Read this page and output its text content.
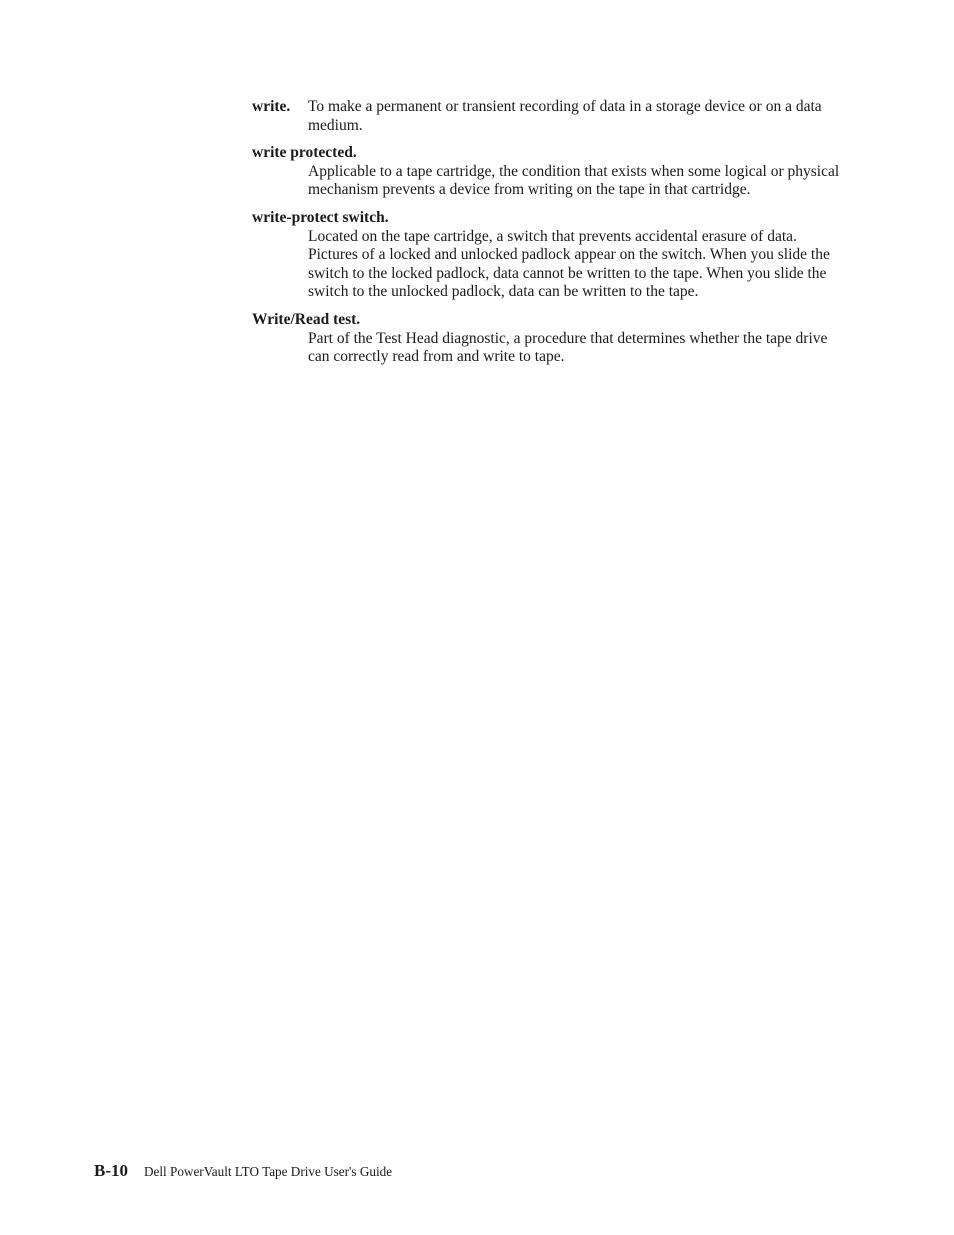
write.	To make a permanent or transient recording of data in a storage device or on a data medium.
write protected.
Applicable to a tape cartridge, the condition that exists when some logical or physical mechanism prevents a device from writing on the tape in that cartridge.
write-protect switch.
Located on the tape cartridge, a switch that prevents accidental erasure of data. Pictures of a locked and unlocked padlock appear on the switch. When you slide the switch to the locked padlock, data cannot be written to the tape. When you slide the switch to the unlocked padlock, data can be written to the tape.
Write/Read test.
Part of the Test Head diagnostic, a procedure that determines whether the tape drive can correctly read from and write to tape.
B-10 Dell PowerVault LTO Tape Drive User's Guide
